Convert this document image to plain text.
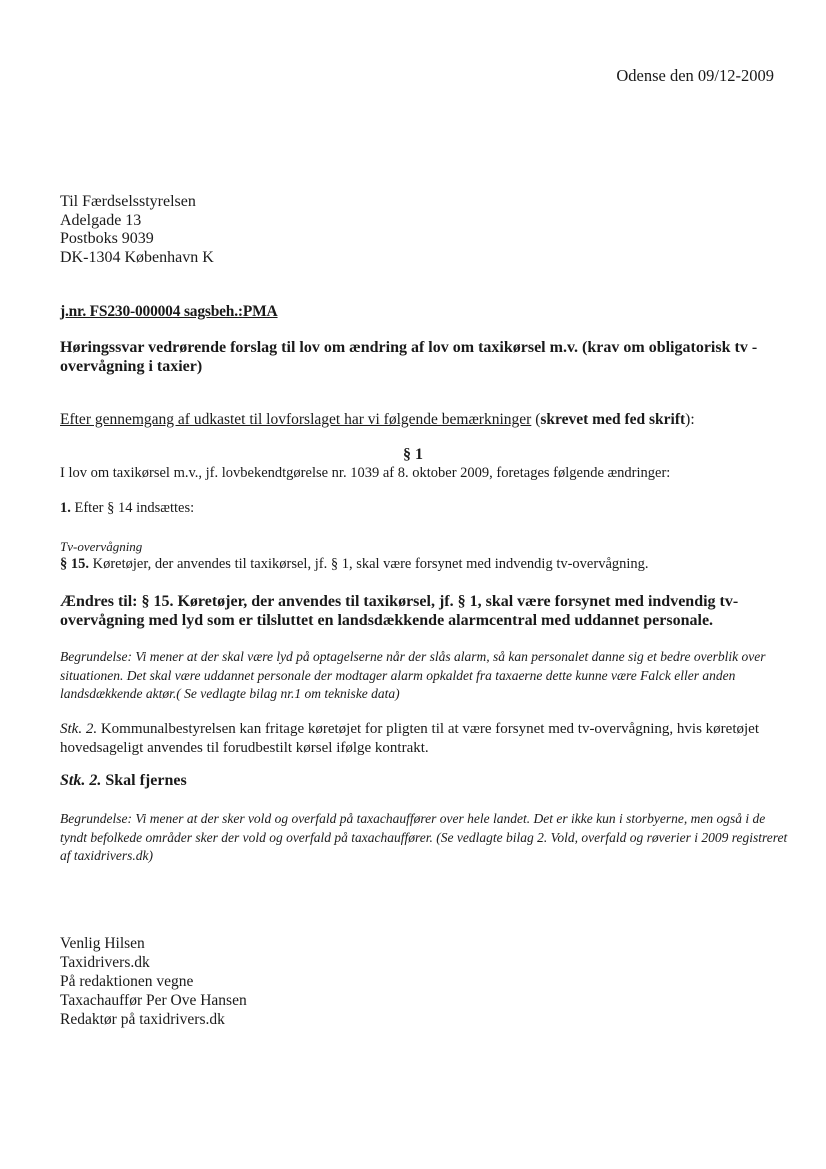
Odense den 09/12-2009
Til Færdselsstyrelsen
Adelgade 13
Postboks 9039
DK-1304 København K
j.nr. FS230-000004 sagsbeh.:PMA
Høringssvar vedrørende forslag til lov om ændring af lov om taxikørsel m.v. (krav om obligatorisk tv - overvågning i taxier)
Efter gennemgang af udkastet til lovforslaget har vi følgende bemærkninger (skrevet med fed skrift):
§ 1
I lov om taxikørsel m.v., jf. lovbekendtgørelse nr. 1039 af 8. oktober 2009, foretages følgende ændringer:
1. Efter § 14 indsættes:
Tv-overvågning
§ 15. Køretøjer, der anvendes til taxikørsel, jf. § 1, skal være forsynet med indvendig tv-overvågning.
Ændres til: § 15. Køretøjer, der anvendes til taxikørsel, jf. § 1, skal være forsynet med indvendig tv-overvågning med lyd som er tilsluttet en landsdækkende alarmcentral med uddannet personale.
Begrundelse: Vi mener at der skal være lyd på optagelserne når der slås alarm, så kan personalet danne sig et bedre overblik over situationen. Det skal være uddannet personale der modtager alarm opkaldet fra taxaerne dette kunne være Falck eller anden landsdækkende aktør.( Se vedlagte bilag nr.1 om tekniske data)
Stk. 2. Kommunalbestyrelsen kan fritage køretøjet for pligten til at være forsynet med tv-overvågning, hvis køretøjet hovedsageligt anvendes til forudbestilt kørsel ifølge kontrakt.
Stk. 2. Skal fjernes
Begrundelse: Vi mener at der sker vold og overfald på taxachauffører over hele landet. Det er ikke kun i storbyerne, men også i de tyndt befolkede områder sker der vold og overfald på taxachauffører. (Se vedlagte bilag 2. Vold, overfald og røverier i 2009 registreret af taxidrivers.dk)
Venlig Hilsen
Taxidrivers.dk
På redaktionen vegne
Taxachauffør Per Ove Hansen
Redaktør på taxidrivers.dk
